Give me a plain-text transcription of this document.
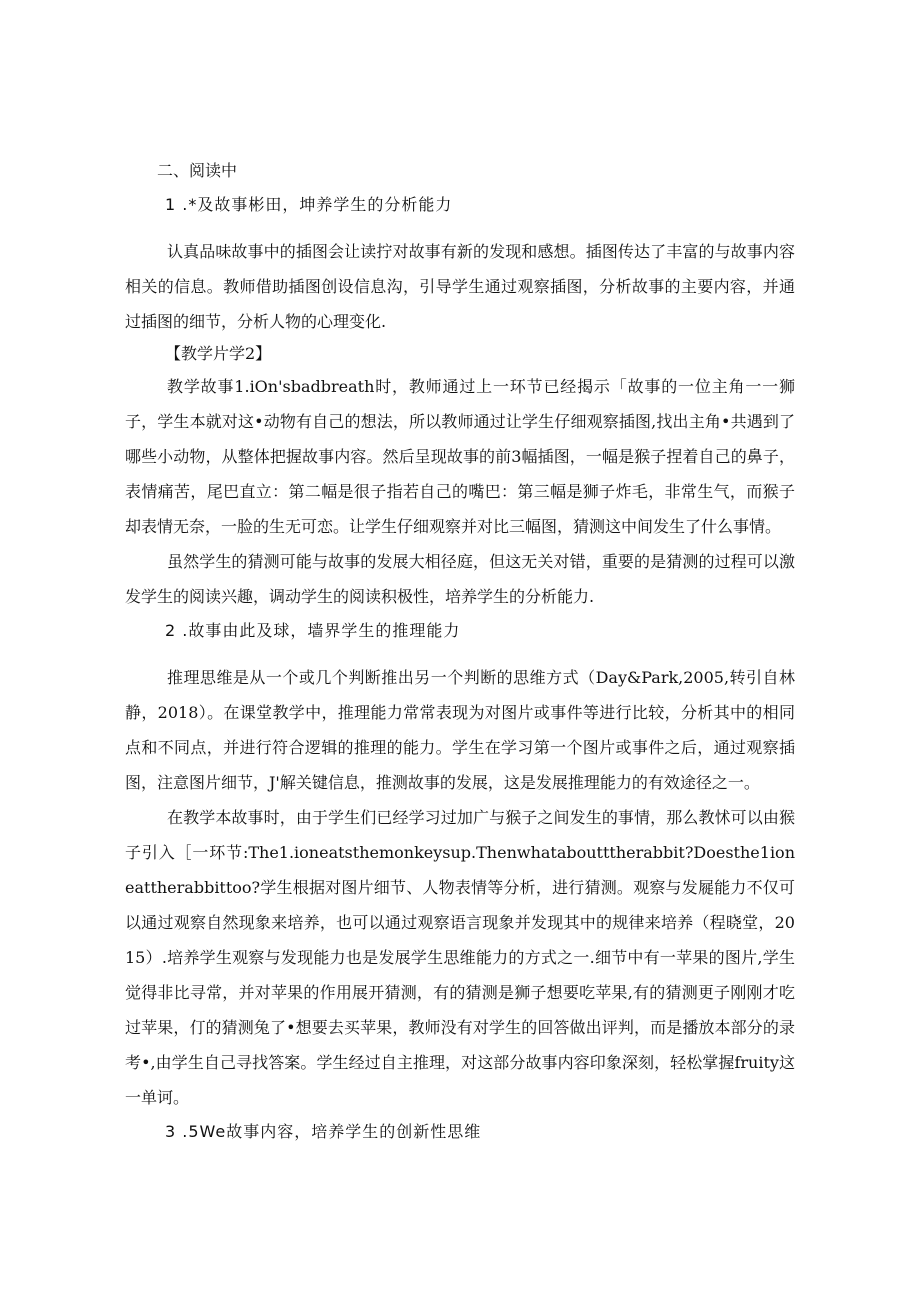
二、阅读中
1 .*及故事彬田，坤养学生的分析能力

认真品味故事中的插图会让读拧对故事有新的发现和感想。插图传达了丰富的与故事内容相关的信息。教师借助插图创设信息沟，引导学生通过观察插图，分析故事的主要内容，并通过插图的细节，分析人物的心理变化.

【教学片学2】

教学故事1.iOn'sbadbreath时，教师通过上一环节已经揭示「故事的一位主角一一狮子，学生本就对这•动物有自己的想法，所以教师通过让学生仔细观察插图,找出主角•共遇到了哪些小动物，从整体把握故事内容。然后呈现故事的前3幅插图，一幅是猴子捏着自己的鼻子，表情痛苦，尾巴直立：第二幅是很子指若自己的嘴巴：第三幅是狮子炸毛，非常生气，而猴子却表情无奈，一脸的生无可恋。让学生仔细观察并对比三幅图，猜测这中间发生了什么事情。

虽然学生的猜测可能与故事的发展大相径庭，但这无关对错，重要的是猜测的过程可以激发学生的阅读兴趣，调动学生的阅读积极性，培养学生的分析能力.

2 .故事由此及球，墙界学生的推理能力

推理思维是从一个或几个判断推出另一个判断的思维方式（Day&Park,2005,转引自林静，2018）。在课堂教学中，推理能力常常表现为对图片或事件等进行比较，分析其中的相同点和不同点，并进行符合逻辑的推理的能力。学生在学习第一个图片或事件之后，通过观察插图，注意图片细节，J'解关键信息，推测故事的发展，这是发展推理能力的有效途径之一。

在教学本故事时，由于学生们已经学习过加广与猴子之间发生的事情，那么教怵可以由猴子引入［一环节:The1.ioneatsthemonkeysup.Thenwhataboutttherabbit?Doesthe1ioneattherabbittoo?学生根据对图片细节、人物表情等分析，进行猜测。观察与发屣能力不仅可以通过观察自然现象来培养，也可以通过观察语言现象并发现其中的规律来培养（程晓堂，2015）.培养学生观察与发现能力也是发展学生思维能力的方式之一.细节中有一苹果的图片,学生觉得非比寻常，并对苹果的作用展开猜测，有的猜测是狮子想要吃苹果,有的猜测更子刚刚才吃过苹果，仃的猜测兔了•想要去买苹果，教师没有对学生的回答做出评判，而是播放本部分的录考•,由学生自己寻找答案。学生经过自主推理，对这部分故事内容印象深刻，轻松掌握fruity这一单诃。

3 .5We故事内容，培养学生的创新性思维
